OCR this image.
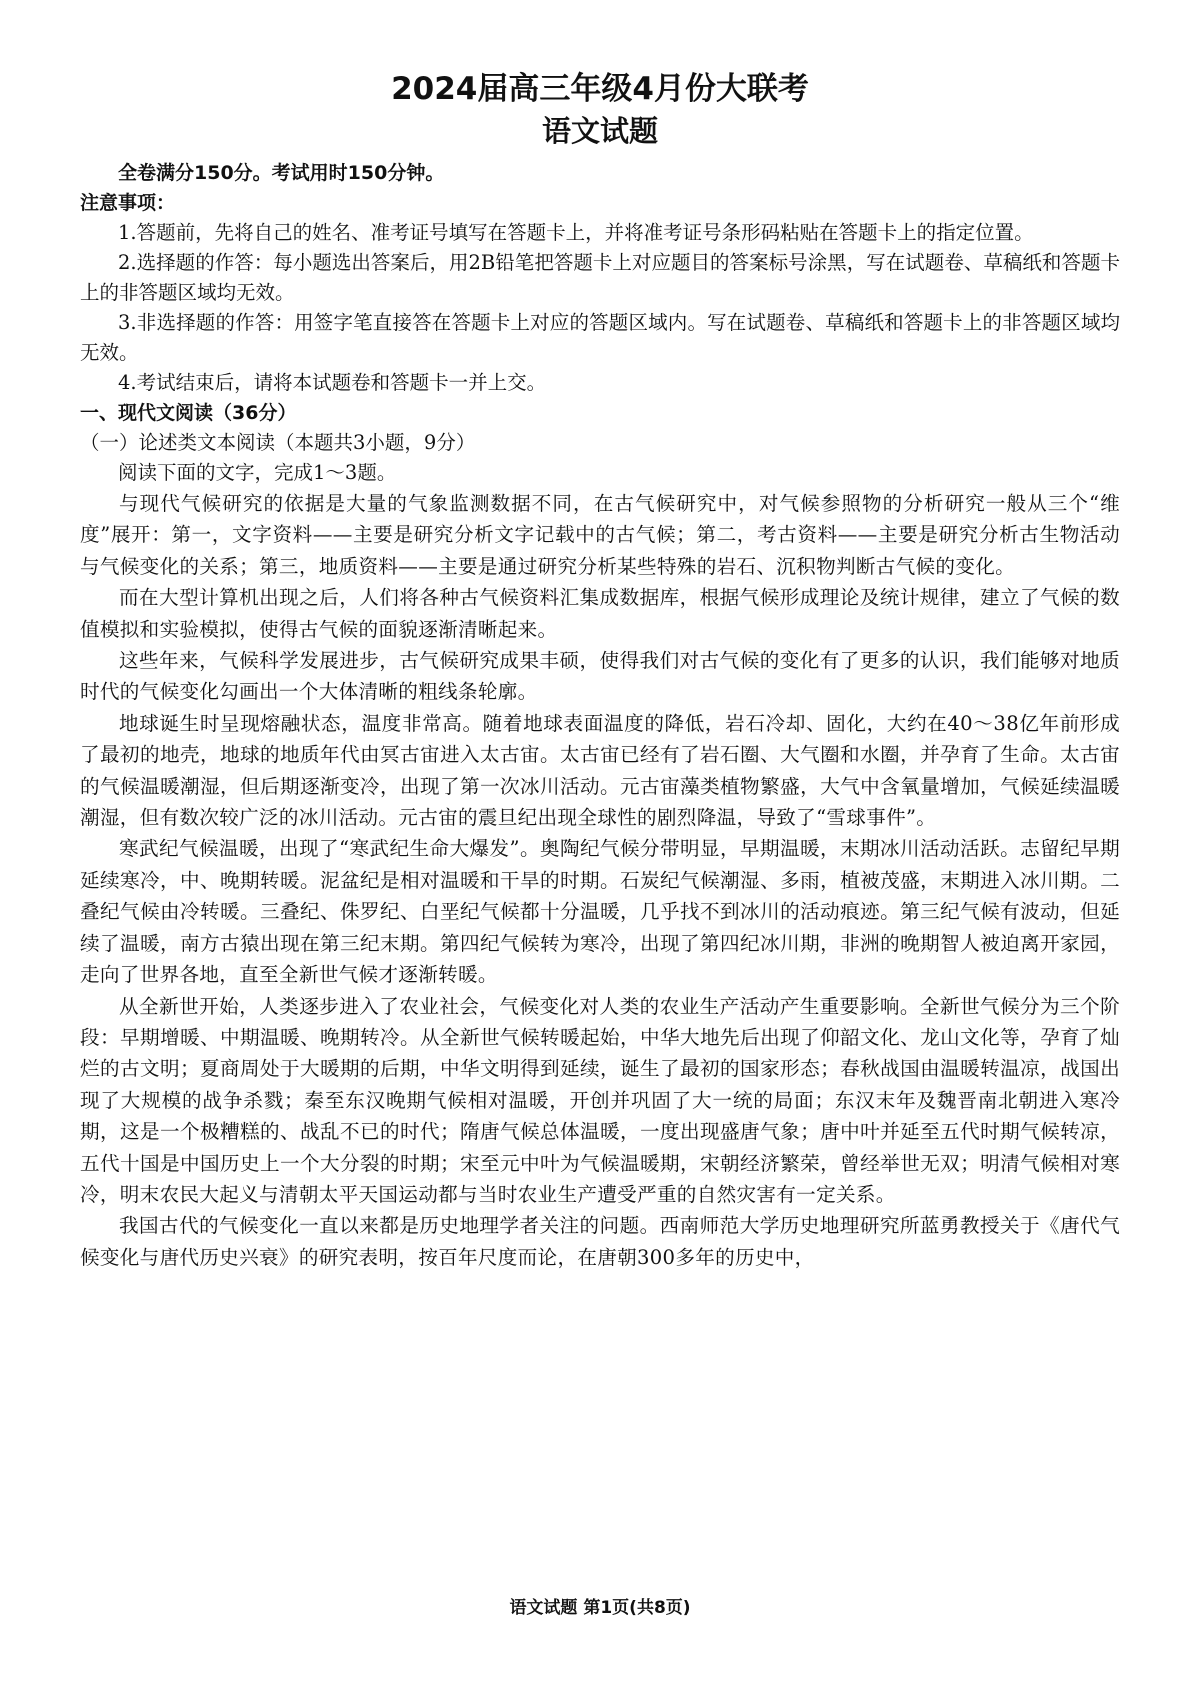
2024届高三年级4月份大联考
语文试题

全卷满分150分。考试用时150分钟。

注意事项：

1.答题前，先将自己的姓名、准考证号填写在答题卡上，并将准考证号条形码粘贴在答题卡上的指定位置。

2.选择题的作答：每小题选出答案后，用2B铅笔把答题卡上对应题目的答案标号涂黑，写在试题卷、草稿纸和答题卡上的非答题区域均无效。

3.非选择题的作答：用签字笔直接答在答题卡上对应的答题区域内。写在试题卷、草稿纸和答题卡上的非答题区域均无效。

4.考试结束后，请将本试题卷和答题卡一并上交。

一、现代文阅读（36分）

（一）论述类文本阅读（本题共3小题，9分）

阅读下面的文字，完成1～3题。

与现代气候研究的依据是大量的气象监测数据不同，在古气候研究中，对气候参照物的分析研究一般从三个“维度”展开：第一，文字资料——主要是研究分析文字记载中的古气候；第二，考古资料——主要是研究分析古生物活动与气候变化的关系；第三，地质资料——主要是通过研究分析某些特殊的岩石、沉积物判断古气候的变化。

而在大型计算机出现之后，人们将各种古气候资料汇集成数据库，根据气候形成理论及统计规律，建立了气候的数值模拟和实验模拟，使得古气候的面貌逐渐清晰起来。

这些年来，气候科学发展进步，古气候研究成果丰硕，使得我们对古气候的变化有了更多的认识，我们能够对地质时代的气候变化勾画出一个大体清晰的粗线条轮廓。

地球诞生时呈现熔融状态，温度非常高。随着地球表面温度的降低，岩石冷却、固化，大约在40～38亿年前形成了最初的地壳，地球的地质年代由冥古宙进入太古宙。太古宙已经有了岩石圈、大气圈和水圈，并孕育了生命。太古宙的气候温暖潮湿，但后期逐渐变冷，出现了第一次冰川活动。元古宙藻类植物繁盛，大气中含氧量增加，气候延续温暖潮湿，但有数次较广泛的冰川活动。元古宙的震旦纪出现全球性的剧烈降温，导致了“雪球事件”。

寒武纪气候温暖，出现了“寒武纪生命大爆发”。奥陶纪气候分带明显，早期温暖，末期冰川活动活跃。志留纪早期延续寒冷，中、晚期转暖。泥盆纪是相对温暖和干旱的时期。石炭纪气候潮湿、多雨，植被茂盛，末期进入冰川期。二叠纪气候由冷转暖。三叠纪、侏罗纪、白垩纪气候都十分温暖，几乎找不到冰川的活动痕迹。第三纪气候有波动，但延续了温暖，南方古猿出现在第三纪末期。第四纪气候转为寒冷，出现了第四纪冰川期，非洲的晚期智人被迫离开家园，走向了世界各地，直至全新世气候才逐渐转暖。

从全新世开始，人类逐步进入了农业社会，气候变化对人类的农业生产活动产生重要影响。全新世气候分为三个阶段：早期增暖、中期温暖、晚期转冷。从全新世气候转暖起始，中华大地先后出现了仰韶文化、龙山文化等，孕育了灿烂的古文明；夏商周处于大暖期的后期，中华文明得到延续，诞生了最初的国家形态；春秋战国由温暖转温凉，战国出现了大规模的战争杀戮；秦至东汉晚期气候相对温暖，开创并巩固了大一统的局面；东汉末年及魏晋南北朝进入寒冷期，这是一个极糟糕的、战乱不已的时代；隋唐气候总体温暖，一度出现盛唐气象；唐中叶并延至五代时期气候转凉，五代十国是中国历史上一个大分裂的时期；宋至元中叶为气候温暖期，宋朝经济繁荣，曾经举世无双；明清气候相对寒冷，明末农民大起义与清朝太平天国运动都与当时农业生产遭受严重的自然灾害有一定关系。

我国古代的气候变化一直以来都是历史地理学者关注的问题。西南师范大学历史地理研究所蓝勇教授关于《唐代气候变化与唐代历史兴衰》的研究表明，按百年尺度而论，在唐朝300多年的历史中，

语文试题 第1页(共8页)
